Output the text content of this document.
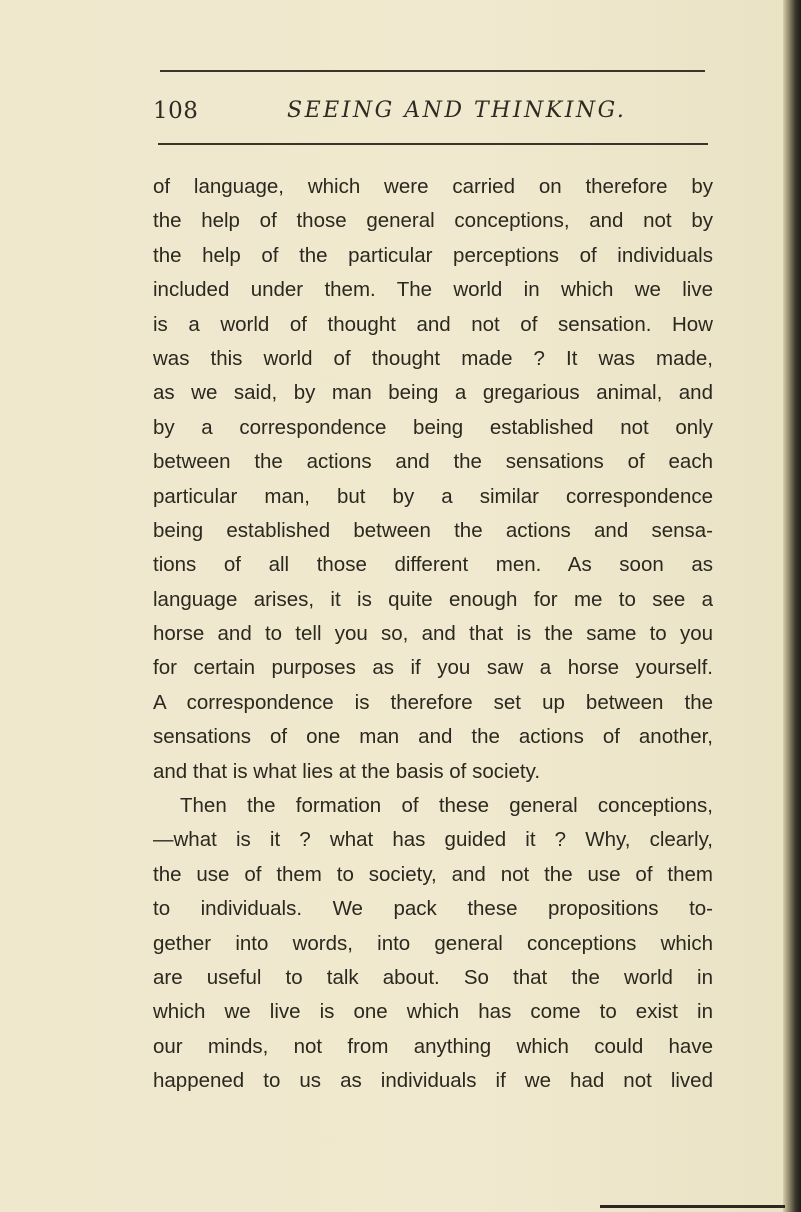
108	SEEING AND THINKING.
of language, which were carried on therefore by
the help of those general conceptions, and not by
the help of the particular perceptions of individuals
included under them. The world in which we live
is a world of thought and not of sensation. How
was this world of thought made ? It was made,
as we said, by man being a gregarious animal, and
by a correspondence being established not only
between the actions and the sensations of each
particular man, but by a similar correspondence
being established between the actions and sensa-
tions of all those different men. As soon as
language arises, it is quite enough for me to see a
horse and to tell you so, and that is the same to you
for certain purposes as if you saw a horse yourself.
A correspondence is therefore set up between the
sensations of one man and the actions of another,
and that is what lies at the basis of society.
Then the formation of these general conceptions,
—what is it ? what has guided it ? Why, clearly,
the use of them to society, and not the use of them
to individuals. We pack these propositions to-
gether into words, into general conceptions which
are useful to talk about. So that the world in
which we live is one which has come to exist in
our minds, not from anything which could have
happened to us as individuals if we had not lived
